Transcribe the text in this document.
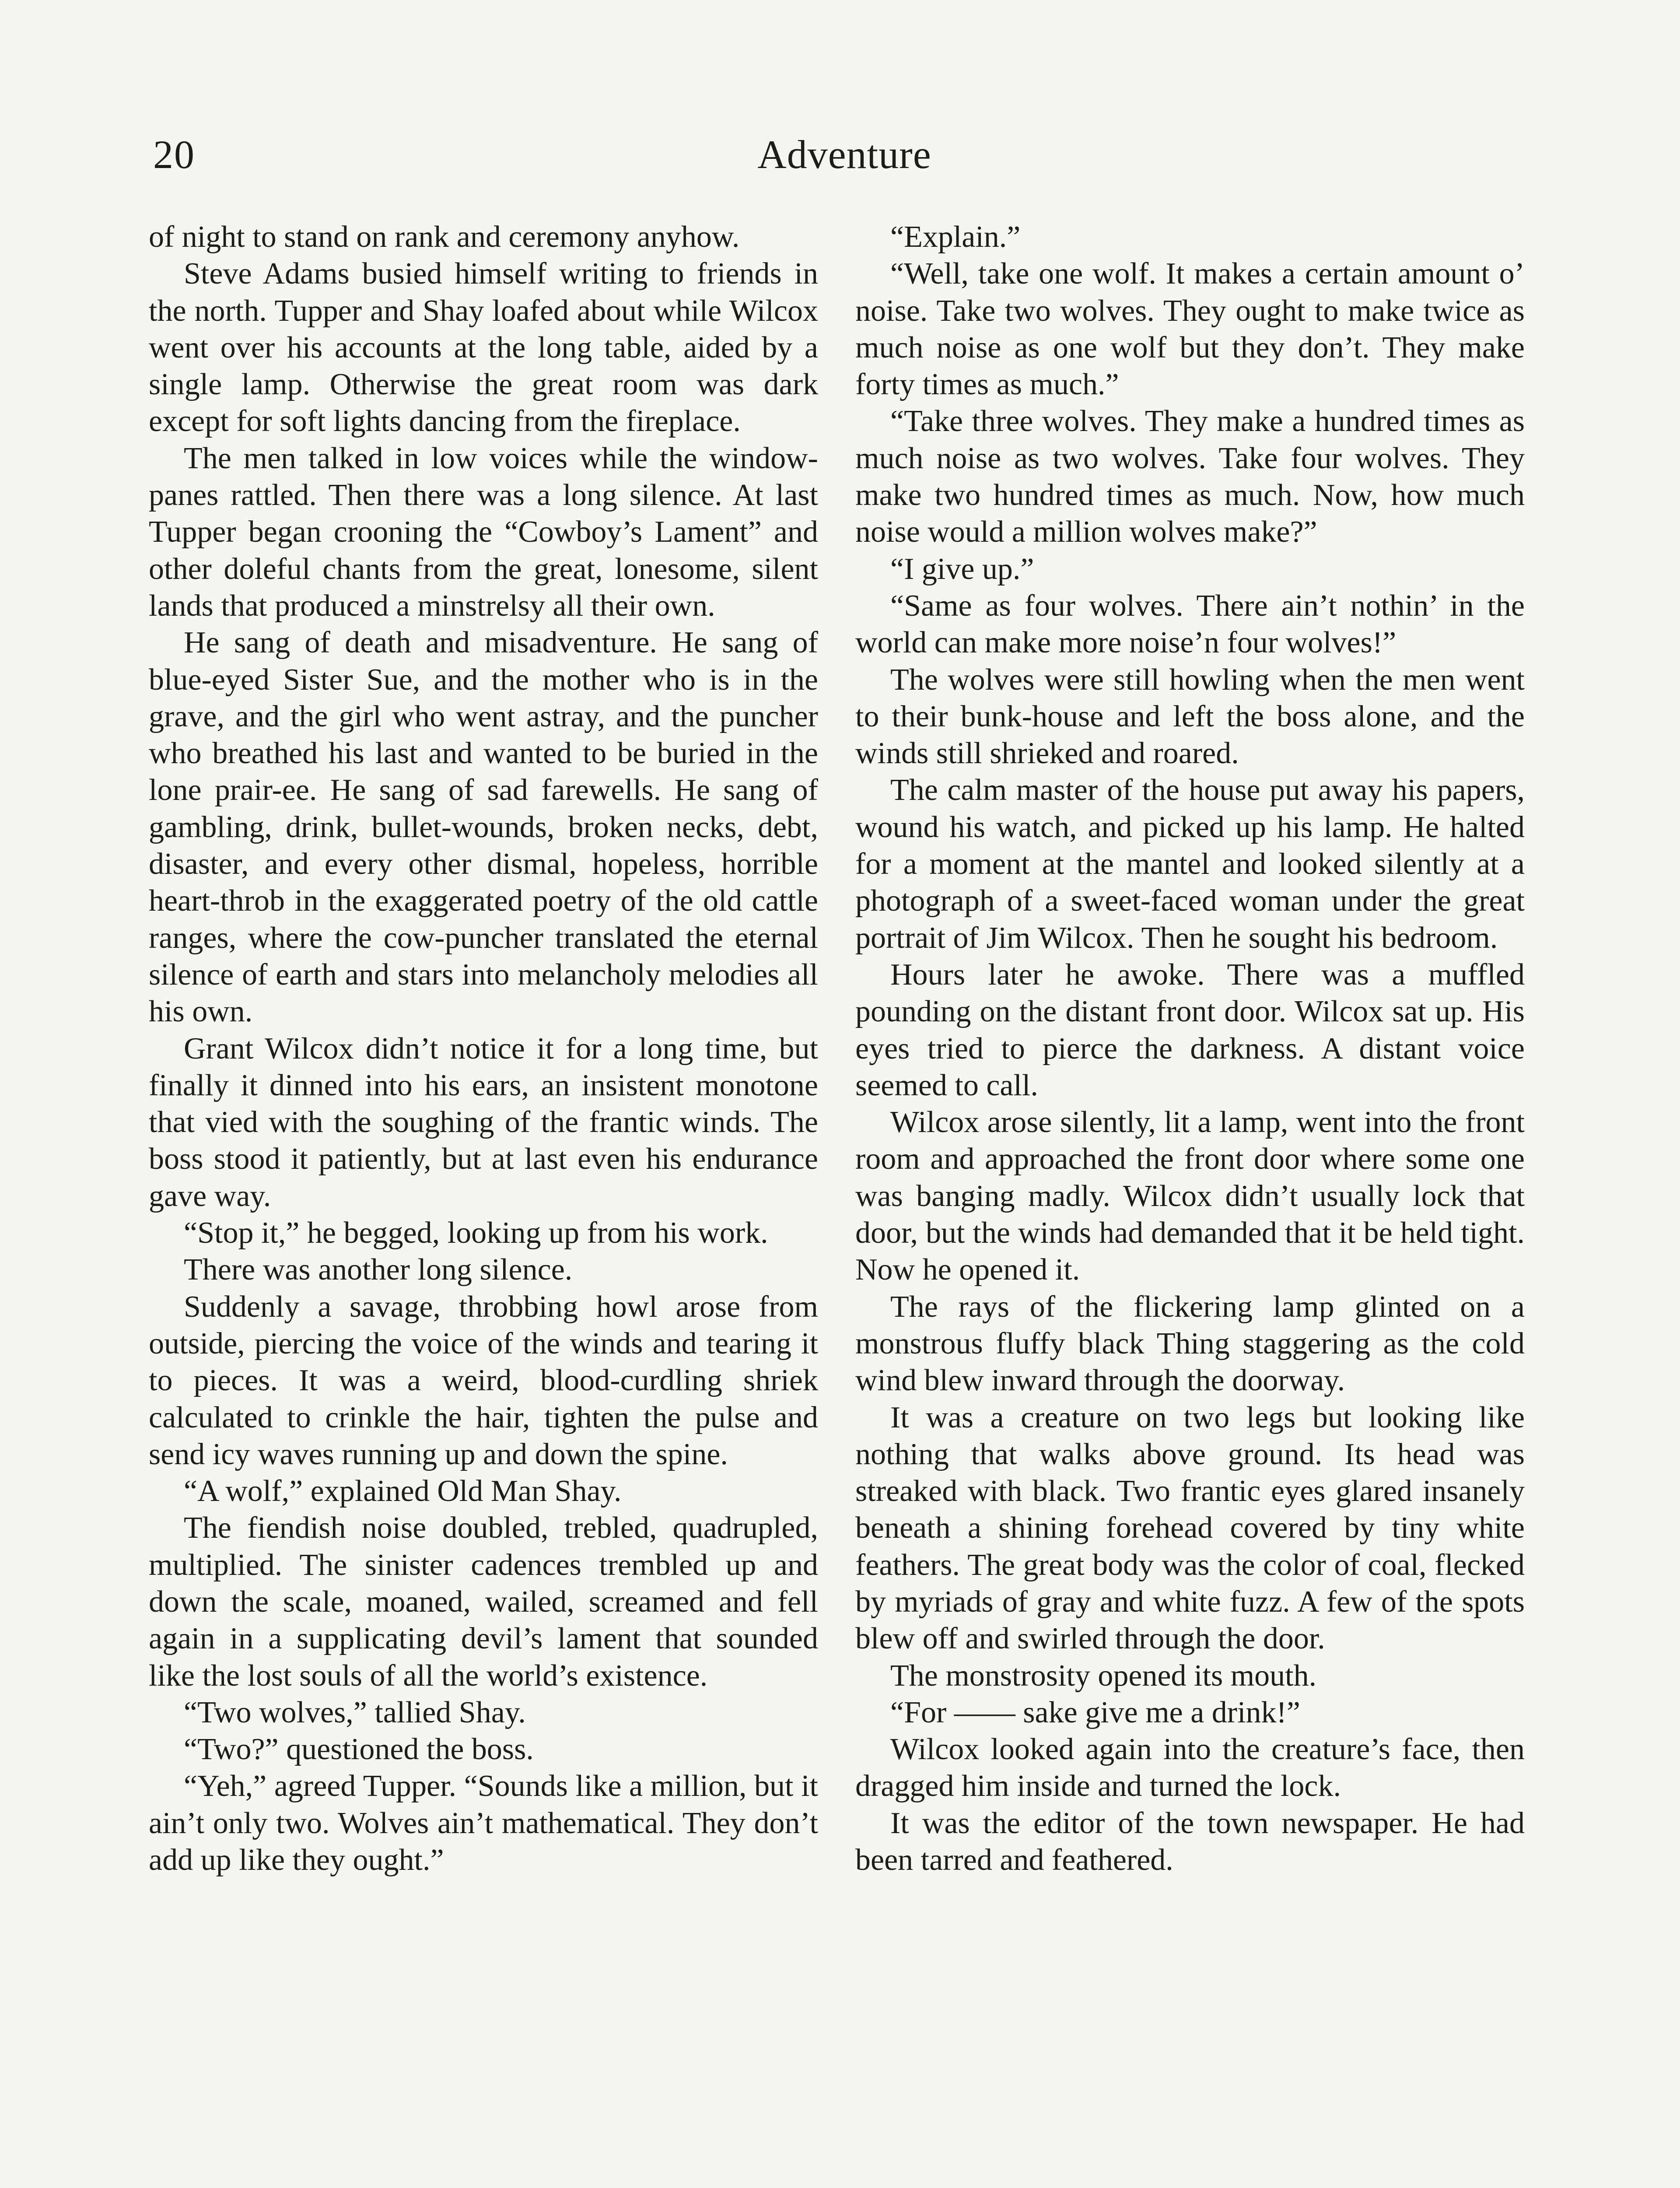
20	Adventure

of night to stand on rank and ceremony anyhow.

Steve Adams busied himself writing to friends in the north. Tupper and Shay loafed about while Wilcox went over his accounts at the long table, aided by a single lamp. Otherwise the great room was dark except for soft lights dancing from the fireplace.

The men talked in low voices while the window-panes rattled. Then there was a long silence. At last Tupper began crooning the “Cowboy’s Lament” and other doleful chants from the great, lonesome, silent lands that produced a minstrelsy all their own.

He sang of death and misadventure. He sang of blue-eyed Sister Sue, and the mother who is in the grave, and the girl who went astray, and the puncher who breathed his last and wanted to be buried in the lone prair-ee. He sang of sad farewells. He sang of gambling, drink, bullet-wounds, broken necks, debt, disaster, and every other dismal, hopeless, horrible heart-throb in the exaggerated poetry of the old cattle ranges, where the cow-puncher translated the eternal silence of earth and stars into melancholy melodies all his own.

Grant Wilcox didn’t notice it for a long time, but finally it dinned into his ears, an insistent monotone that vied with the soughing of the frantic winds. The boss stood it patiently, but at last even his endurance gave way.

“Stop it,” he begged, looking up from his work.

There was another long silence.

Suddenly a savage, throbbing howl arose from outside, piercing the voice of the winds and tearing it to pieces. It was a weird, blood-curdling shriek calculated to crinkle the hair, tighten the pulse and send icy waves running up and down the spine.

“A wolf,” explained Old Man Shay.

The fiendish noise doubled, trebled, quadrupled, multiplied. The sinister cadences trembled up and down the scale, moaned, wailed, screamed and fell again in a supplicating devil’s lament that sounded like the lost souls of all the world’s existence.

“Two wolves,” tallied Shay.

“Two?” questioned the boss.

“Yeh,” agreed Tupper. “Sounds like a million, but it ain’t only two. Wolves ain’t mathematical. They don’t add up like they ought.”

“Explain.”

“Well, take one wolf. It makes a certain amount o’ noise. Take two wolves. They ought to make twice as much noise as one wolf but they don’t. They make forty times as much.”

“Take three wolves. They make a hundred times as much noise as two wolves. Take four wolves. They make two hundred times as much. Now, how much noise would a million wolves make?”

“I give up.”

“Same as four wolves. There ain’t nothin’ in the world can make more noise’n four wolves!”

The wolves were still howling when the men went to their bunk-house and left the boss alone, and the winds still shrieked and roared.

The calm master of the house put away his papers, wound his watch, and picked up his lamp. He halted for a moment at the mantel and looked silently at a photograph of a sweet-faced woman under the great portrait of Jim Wilcox. Then he sought his bedroom.

Hours later he awoke. There was a muffled pounding on the distant front door. Wilcox sat up. His eyes tried to pierce the darkness. A distant voice seemed to call.

Wilcox arose silently, lit a lamp, went into the front room and approached the front door where some one was banging madly. Wilcox didn’t usually lock that door, but the winds had demanded that it be held tight. Now he opened it.

The rays of the flickering lamp glinted on a monstrous fluffy black Thing staggering as the cold wind blew inward through the doorway.

It was a creature on two legs but looking like nothing that walks above ground. Its head was streaked with black. Two frantic eyes glared insanely beneath a shining forehead covered by tiny white feathers. The great body was the color of coal, flecked by myriads of gray and white fuzz. A few of the spots blew off and swirled through the door.

The monstrosity opened its mouth.

“For —— sake give me a drink!”

Wilcox looked again into the creature’s face, then dragged him inside and turned the lock.

It was the editor of the town newspaper. He had been tarred and feathered.
